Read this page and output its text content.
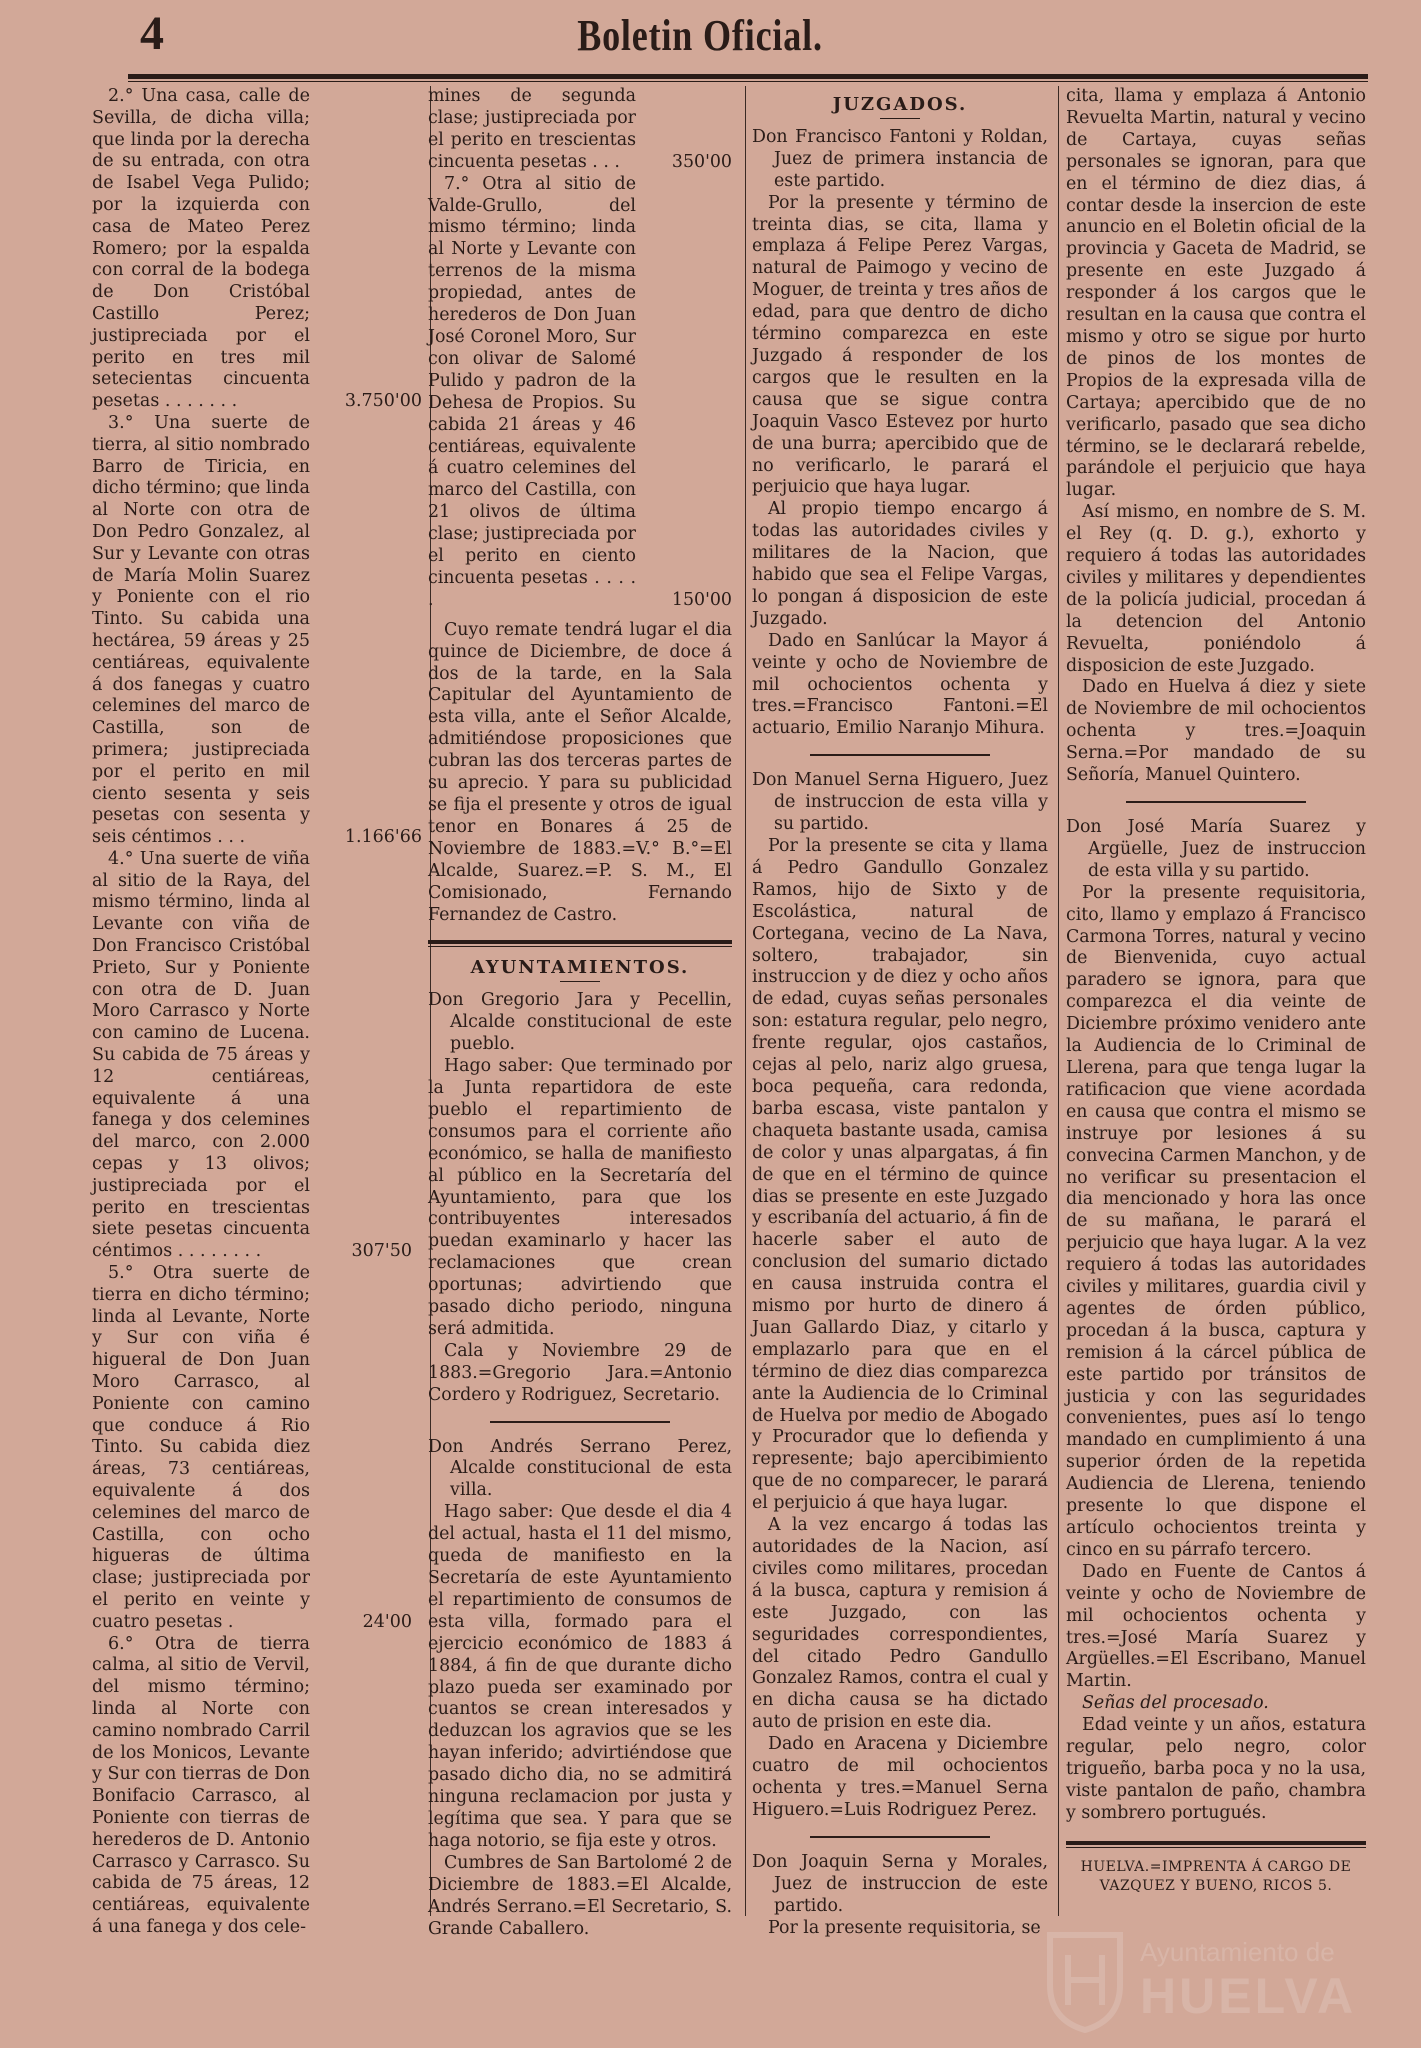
4	Boletin Oficial.

2.° Una casa, calle de Sevilla, de dicha villa; que linda por la derecha de su entrada, con otra de Isabel Vega Pulido; por la izquierda con casa de Mateo Perez Romero; por la espalda con corral de la bodega de Don Cristóbal Castillo Perez; justipreciada por el perito en tres mil setecientas cincuenta pesetas . . . . . . .	3.750'00

3.° Una suerte de tierra, al sitio nombrado Barro de Tiricia, en dicho término; que linda al Norte con otra de Don Pedro Gonzalez, al Sur y Levante con otras de María Molin Suarez y Poniente con el rio Tinto. Su cabida una hectárea, 59 áreas y 25 centiáreas, equivalente á dos fanegas y cuatro celemines del marco de Castilla, son de primera; justipreciada por el perito en mil ciento sesenta y seis pesetas con sesenta y seis céntimos . . .	1.166'66

4.° Una suerte de viña al sitio de la Raya, del mismo término, linda al Levante con viña de Don Francisco Cristóbal Prieto, Sur y Poniente con otra de D. Juan Moro Carrasco y Norte con camino de Lucena. Su cabida de 75 áreas y 12 centiáreas, equivalente á una fanega y dos celemines del marco, con 2.000 cepas y 13 olivos; justipreciada por el perito en trescientas siete pesetas cincuenta céntimos . . . . . . . .	307'50

5.° Otra suerte de tierra en dicho término; linda al Levante, Norte y Sur con viña é higueral de Don Juan Moro Carrasco, al Poniente con camino que conduce á Rio Tinto. Su cabida diez áreas, 73 centiáreas, equivalente á dos celemines del marco de Castilla, con ocho higueras de última clase; justipreciada por el perito en veinte y cuatro pesetas .	24'00

6.° Otra de tierra calma, al sitio de Vervil, del mismo término; linda al Norte con camino nombrado Carril de los Monicos, Levante y Sur con tierras de Don Bonifacio Carrasco, al Poniente con tierras de herederos de D. Antonio Carrasco y Carrasco. Su cabida de 75 áreas, 12 centiáreas, equivalente á una fanega y dos cele-

mines de segunda clase; justipreciada por el perito en trescientas cincuenta pesetas . . .	350'00

7.° Otra al sitio de Valde-Grullo, del mismo término; linda al Norte y Levante con terrenos de la misma propiedad, antes de herederos de Don Juan José Coronel Moro, Sur con olivar de Salomé Pulido y padron de la Dehesa de Propios. Su cabida 21 áreas y 46 centiáreas, equivalente á cuatro celemines del marco del Castilla, con 21 olivos de última clase; justipreciada por el perito en ciento cincuenta pesetas . . . . .	150'00

Cuyo remate tendrá lugar el dia quince de Diciembre, de doce á dos de la tarde, en la Sala Capitular del Ayuntamiento de esta villa, ante el Señor Alcalde, admitiéndose proposiciones que cubran las dos terceras partes de su aprecio. Y para su publicidad se fija el presente y otros de igual tenor en Bonares á 25 de Noviembre de 1883.=V.° B.°=El Alcalde, Suarez.=P. S. M., El Comisionado, Fernando Fernandez de Castro.

AYUNTAMIENTOS.

Don Gregorio Jara y Pecellin, Alcalde constitucional de este pueblo.

Hago saber: Que terminado por la Junta repartidora de este pueblo el repartimiento de consumos para el corriente año económico, se halla de manifiesto al público en la Secretaría del Ayuntamiento, para que los contribuyentes interesados puedan examinarlo y hacer las reclamaciones que crean oportunas; advirtiendo que pasado dicho periodo, ninguna será admitida.

Cala y Noviembre 29 de 1883.=Gregorio Jara.=Antonio Cordero y Rodriguez, Secretario.

Don Andrés Serrano Perez, Alcalde constitucional de esta villa.

Hago saber: Que desde el dia 4 del actual, hasta el 11 del mismo, queda de manifiesto en la Secretaría de este Ayuntamiento el repartimiento de consumos de esta villa, formado para el ejercicio económico de 1883 á 1884, á fin de que durante dicho plazo pueda ser examinado por cuantos se crean interesados y deduzcan los agravios que se les hayan inferido; advirtiéndose que pasado dicho dia, no se admitirá ninguna reclamacion por justa y legítima que sea. Y para que se haga notorio, se fija este y otros.

Cumbres de San Bartolomé 2 de Diciembre de 1883.=El Alcalde, Andrés Serrano.=El Secretario, S. Grande Caballero.

JUZGADOS.

Don Francisco Fantoni y Roldan, Juez de primera instancia de este partido.

Por la presente y término de treinta dias, se cita, llama y emplaza á Felipe Perez Vargas, natural de Paimogo y vecino de Moguer, de treinta y tres años de edad, para que dentro de dicho término comparezca en este Juzgado á responder de los cargos que le resulten en la causa que se sigue contra Joaquin Vasco Estevez por hurto de una burra; apercibido que de no verificarlo, le parará el perjuicio que haya lugar.

Al propio tiempo encargo á todas las autoridades civiles y militares de la Nacion, que habido que sea el Felipe Vargas, lo pongan á disposicion de este Juzgado.

Dado en Sanlúcar la Mayor á veinte y ocho de Noviembre de mil ochocientos ochenta y tres.=Francisco Fantoni.=El actuario, Emilio Naranjo Mihura.

Don Manuel Serna Higuero, Juez de instruccion de esta villa y su partido.

Por la presente se cita y llama á Pedro Gandullo Gonzalez Ramos, hijo de Sixto y de Escolástica, natural de Cortegana, vecino de La Nava, soltero, trabajador, sin instruccion y de diez y ocho años de edad, cuyas señas personales son: estatura regular, pelo negro, frente regular, ojos castaños, cejas al pelo, nariz algo gruesa, boca pequeña, cara redonda, barba escasa, viste pantalon y chaqueta bastante usada, camisa de color y unas alpargatas, á fin de que en el término de quince dias se presente en este Juzgado y escribanía del actuario, á fin de hacerle saber el auto de conclusion del sumario dictado en causa instruida contra el mismo por hurto de dinero á Juan Gallardo Diaz, y citarlo y emplazarlo para que en el término de diez dias comparezca ante la Audiencia de lo Criminal de Huelva por medio de Abogado y Procurador que lo defienda y represente; bajo apercibimiento que de no comparecer, le parará el perjuicio á que haya lugar.

A la vez encargo á todas las autoridades de la Nacion, así civiles como militares, procedan á la busca, captura y remision á este Juzgado, con las seguridades correspondientes, del citado Pedro Gandullo Gonzalez Ramos, contra el cual y en dicha causa se ha dictado auto de prision en este dia.

Dado en Aracena y Diciembre cuatro de mil ochocientos ochenta y tres.=Manuel Serna Higuero.=Luis Rodriguez Perez.

Don Joaquin Serna y Morales, Juez de instruccion de este partido.

Por la presente requisitoria, se

cita, llama y emplaza á Antonio Revuelta Martin, natural y vecino de Cartaya, cuyas señas personales se ignoran, para que en el término de diez dias, á contar desde la insercion de este anuncio en el Boletin oficial de la provincia y Gaceta de Madrid, se presente en este Juzgado á responder á los cargos que le resultan en la causa que contra el mismo y otro se sigue por hurto de pinos de los montes de Propios de la expresada villa de Cartaya; apercibido que de no verificarlo, pasado que sea dicho término, se le declarará rebelde, parándole el perjuicio que haya lugar.

Así mismo, en nombre de S. M. el Rey (q. D. g.), exhorto y requiero á todas las autoridades civiles y militares y dependientes de la policía judicial, procedan á la detencion del Antonio Revuelta, poniéndolo á disposicion de este Juzgado.

Dado en Huelva á diez y siete de Noviembre de mil ochocientos ochenta y tres.=Joaquin Serna.=Por mandado de su Señoría, Manuel Quintero.

Don José María Suarez y Argüelle, Juez de instruccion de esta villa y su partido.

Por la presente requisitoria, cito, llamo y emplazo á Francisco Carmona Torres, natural y vecino de Bienvenida, cuyo actual paradero se ignora, para que comparezca el dia veinte de Diciembre próximo venidero ante la Audiencia de lo Criminal de Llerena, para que tenga lugar la ratificacion que viene acordada en causa que contra el mismo se instruye por lesiones á su convecina Carmen Manchon, y de no verificar su presentacion el dia mencionado y hora las once de su mañana, le parará el perjuicio que haya lugar. A la vez requiero á todas las autoridades civiles y militares, guardia civil y agentes de órden público, procedan á la busca, captura y remision á la cárcel pública de este partido por tránsitos de justicia y con las seguridades convenientes, pues así lo tengo mandado en cumplimiento á una superior órden de la repetida Audiencia de Llerena, teniendo presente lo que dispone el artículo ochocientos treinta y cinco en su párrafo tercero.

Dado en Fuente de Cantos á veinte y ocho de Noviembre de mil ochocientos ochenta y tres.=José María Suarez y Argüelles.=El Escribano, Manuel Martin.

Señas del procesado.

Edad veinte y un años, estatura regular, pelo negro, color trigueño, barba poca y no la usa, viste pantalon de paño, chambra y sombrero portugués.

HUELVA.=IMPRENTA Á CARGO DE
VAZQUEZ Y BUENO, RICOS 5.
Ayuntamiento de
HUELVA
